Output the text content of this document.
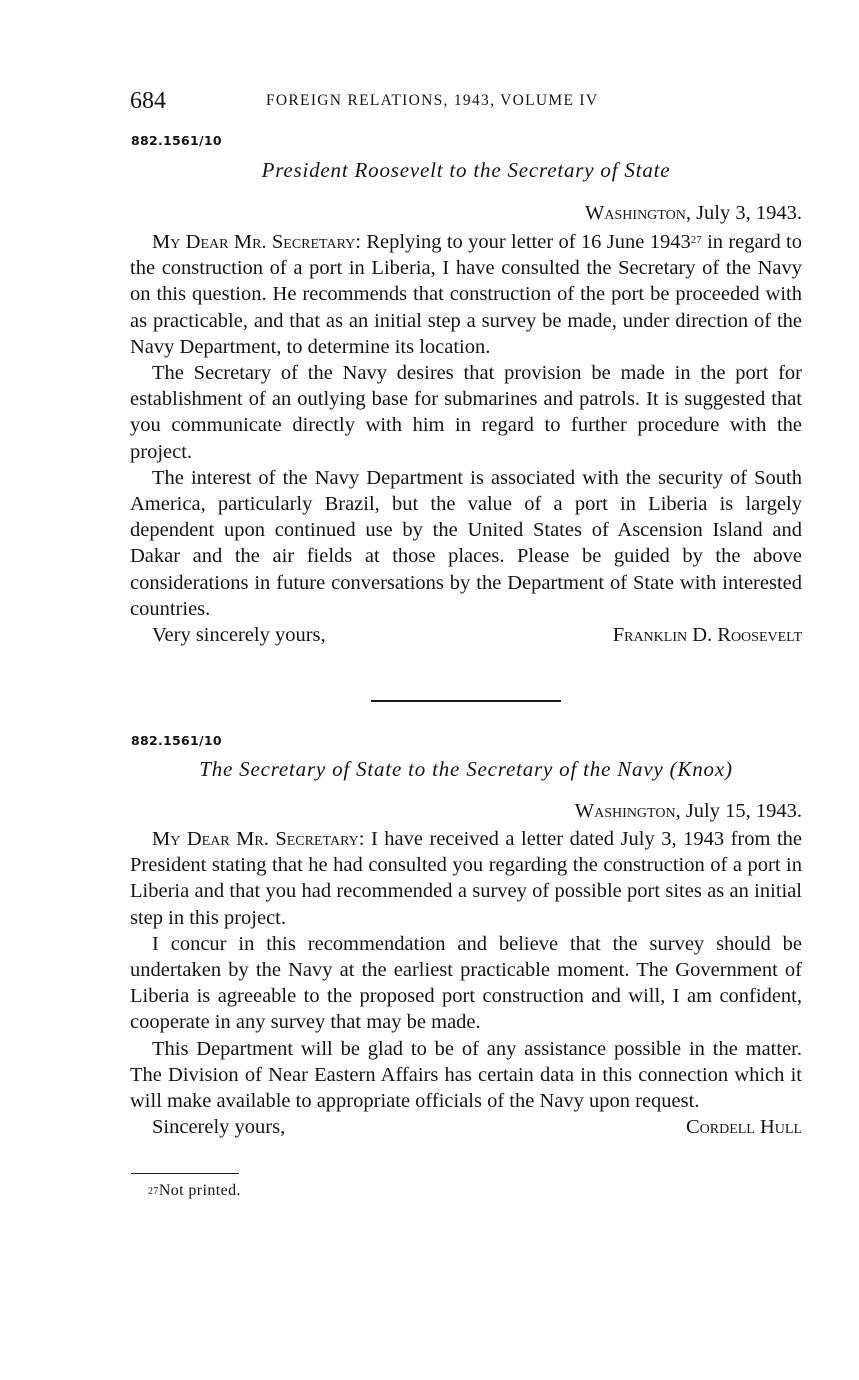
684	FOREIGN RELATIONS, 1943, VOLUME IV
882.1561/10
President Roosevelt to the Secretary of State
Washington, July 3, 1943.

My Dear Mr. Secretary: Replying to your letter of 16 June 1943$^{27}$ in regard to the construction of a port in Liberia, I have consulted the Secretary of the Navy on this question. He recommends that construction of the port be proceeded with as practicable, and that as an initial step a survey be made, under direction of the Navy Department, to determine its location.

The Secretary of the Navy desires that provision be made in the port for establishment of an outlying base for submarines and patrols. It is suggested that you communicate directly with him in regard to further procedure with the project.

The interest of the Navy Department is associated with the security of South America, particularly Brazil, but the value of a port in Liberia is largely dependent upon continued use by the United States of Ascension Island and Dakar and the air fields at those places. Please be guided by the above considerations in future conversations by the Department of State with interested countries.

Very sincerely yours,	Franklin D. Roosevelt
882.1561/10
The Secretary of State to the Secretary of the Navy (Knox)
Washington, July 15, 1943.

My Dear Mr. Secretary: I have received a letter dated July 3, 1943 from the President stating that he had consulted you regarding the construction of a port in Liberia and that you had recommended a survey of possible port sites as an initial step in this project.

I concur in this recommendation and believe that the survey should be undertaken by the Navy at the earliest practicable moment. The Government of Liberia is agreeable to the proposed port construction and will, I am confident, cooperate in any survey that may be made.

This Department will be glad to be of any assistance possible in the matter. The Division of Near Eastern Affairs has certain data in this connection which it will make available to appropriate officials of the Navy upon request.

Sincerely yours,	Cordell Hull
$^{27}$Not printed.
